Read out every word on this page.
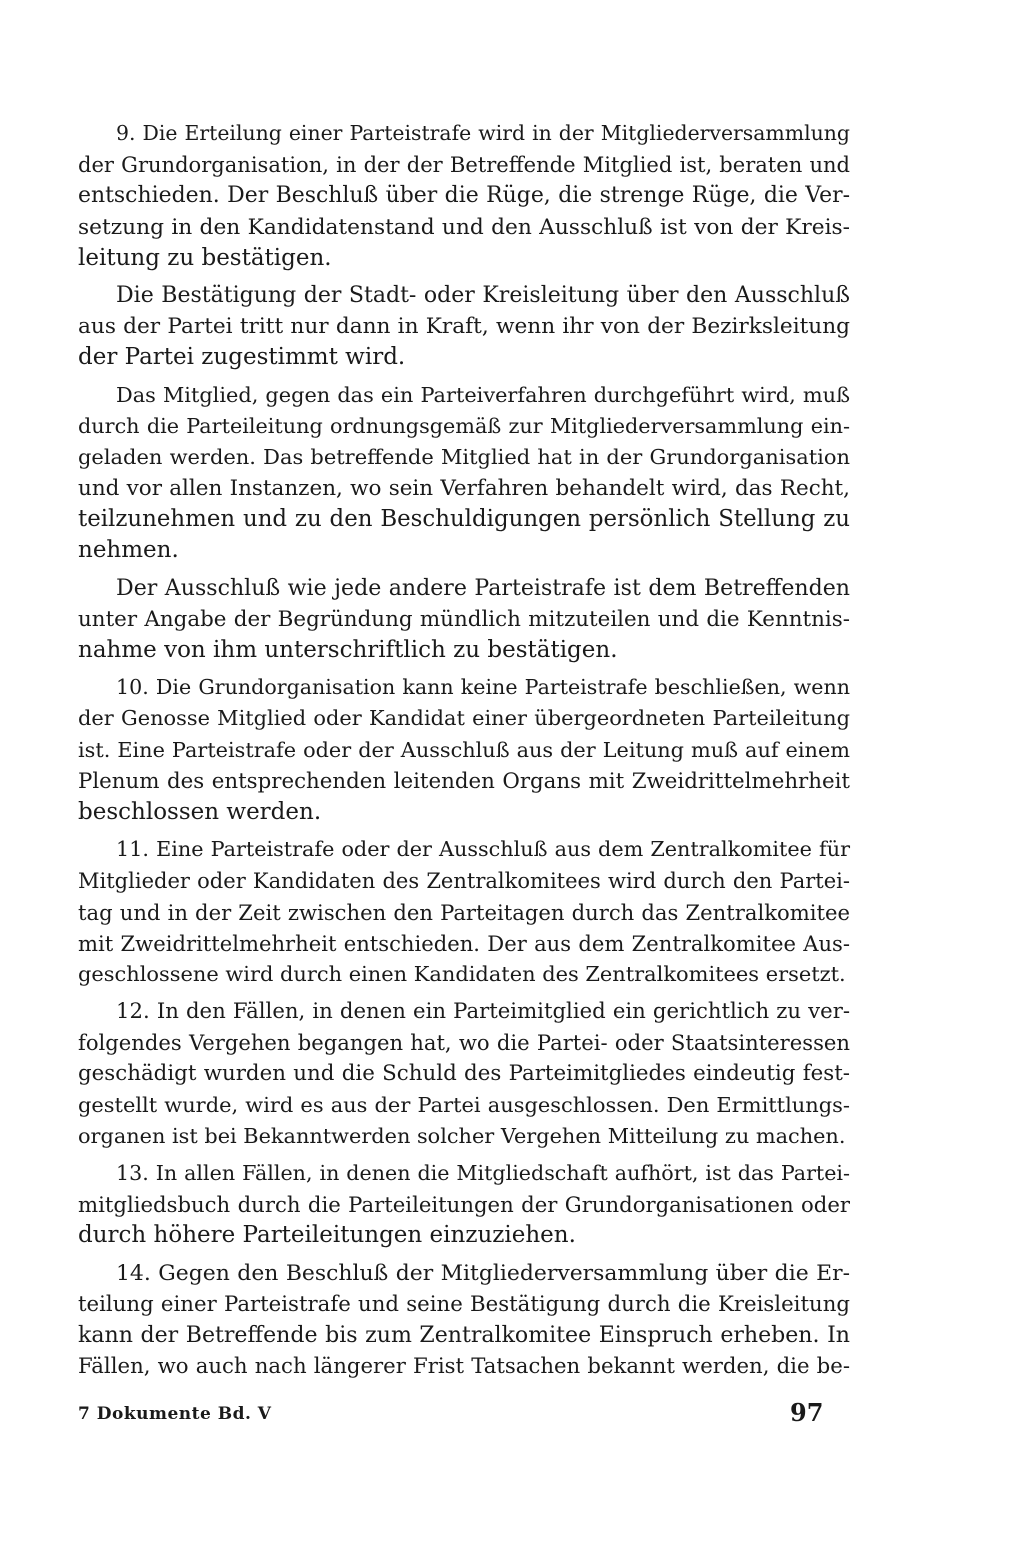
9. Die Erteilung einer Parteistrafe wird in der Mitgliederversammlung
der Grundorganisation, in der der Betreffende Mitglied ist, beraten und
entschieden. Der Beschluß über die Rüge, die strenge Rüge, die Ver-
setzung in den Kandidatenstand und den Ausschluß ist von der Kreis-
leitung zu bestätigen.
Die Bestätigung der Stadt- oder Kreisleitung über den Ausschluß
aus der Partei tritt nur dann in Kraft, wenn ihr von der Bezirksleitung
der Partei zugestimmt wird.
Das Mitglied, gegen das ein Parteiverfahren durchgeführt wird, muß
durch die Parteileitung ordnungsgemäß zur Mitgliederversammlung ein-
geladen werden. Das betreffende Mitglied hat in der Grundorganisation
und vor allen Instanzen, wo sein Verfahren behandelt wird, das Recht,
teilzunehmen und zu den Beschuldigungen persönlich Stellung zu
nehmen.
Der Ausschluß wie jede andere Parteistrafe ist dem Betreffenden
unter Angabe der Begründung mündlich mitzuteilen und die Kenntnis-
nahme von ihm unterschriftlich zu bestätigen.
10. Die Grundorganisation kann keine Parteistrafe beschließen, wenn
der Genosse Mitglied oder Kandidat einer übergeordneten Parteileitung
ist. Eine Parteistrafe oder der Ausschluß aus der Leitung muß auf einem
Plenum des entsprechenden leitenden Organs mit Zweidrittelmehrheit
beschlossen werden.
11. Eine Parteistrafe oder der Ausschluß aus dem Zentralkomitee für
Mitglieder oder Kandidaten des Zentralkomitees wird durch den Partei-
tag und in der Zeit zwischen den Parteitagen durch das Zentralkomitee
mit Zweidrittelmehrheit entschieden. Der aus dem Zentralkomitee Aus-
geschlossene wird durch einen Kandidaten des Zentralkomitees ersetzt.
12. In den Fällen, in denen ein Parteimitglied ein gerichtlich zu ver-
folgendes Vergehen begangen hat, wo die Partei- oder Staatsinteressen
geschädigt wurden und die Schuld des Parteimitgliedes eindeutig fest-
gestellt wurde, wird es aus der Partei ausgeschlossen. Den Ermittlungs-
organen ist bei Bekanntwerden solcher Vergehen Mitteilung zu machen.
13. In allen Fällen, in denen die Mitgliedschaft aufhört, ist das Partei-
mitgliedsbuch durch die Parteileitungen der Grundorganisationen oder
durch höhere Parteileitungen einzuziehen.
14. Gegen den Beschluß der Mitgliederversammlung über die Er-
teilung einer Parteistrafe und seine Bestätigung durch die Kreisleitung
kann der Betreffende bis zum Zentralkomitee Einspruch erheben. In
Fällen, wo auch nach längerer Frist Tatsachen bekannt werden, die be-
7 Dokumente Bd. V	97
